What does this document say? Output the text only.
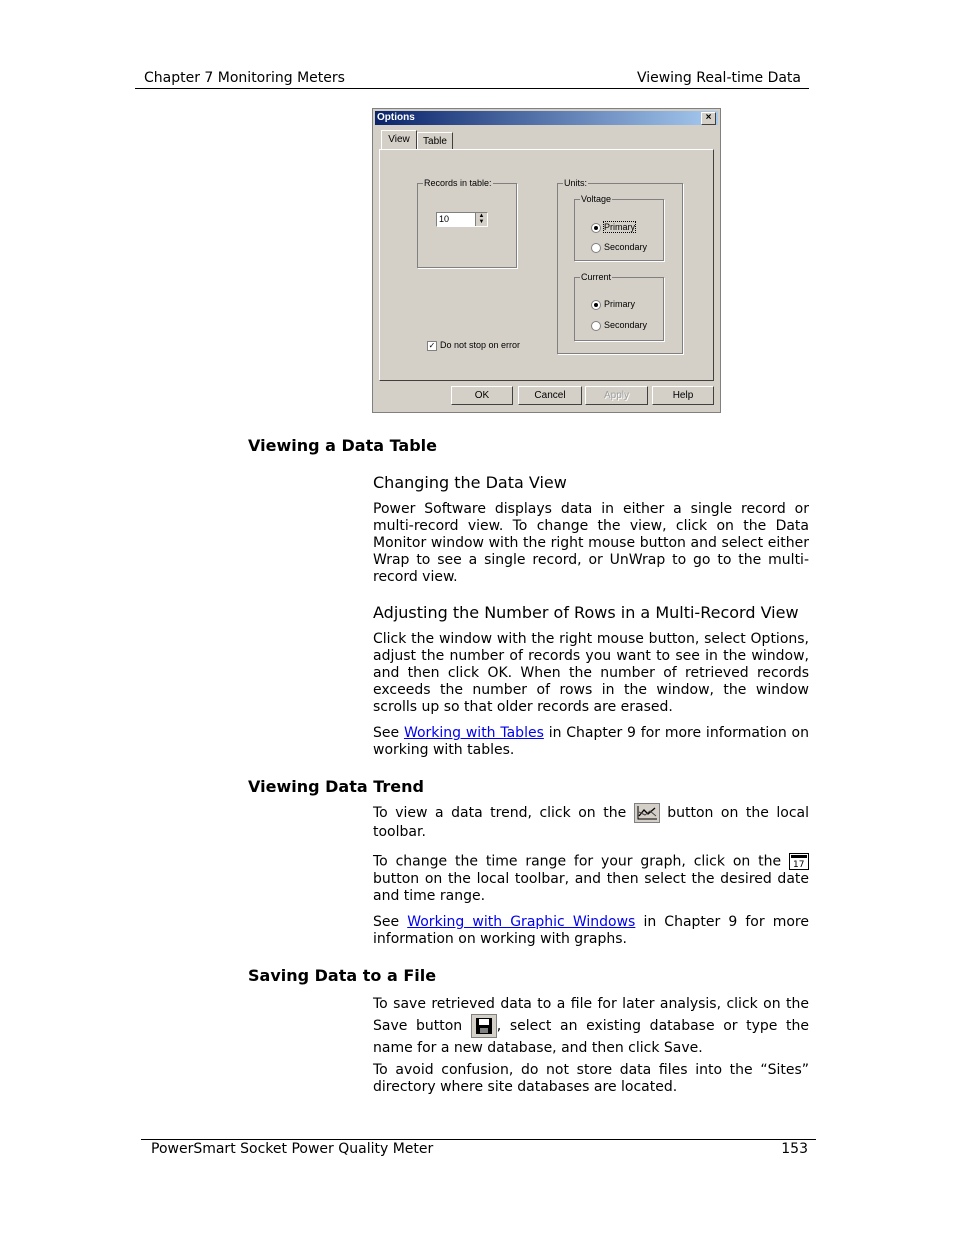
Chapter 7 Monitoring Meters	Viewing Real-time Data
Options	×
View	Table
Records in table:
10	▲
▼
Units:
Voltage
Primary
Secondary
Current
Primary
Secondary
✓ Do not stop on error
OK	Cancel	Apply	Help
Viewing a Data Table
Changing the Data View
Power Software displays data in either a single record or multi-record view. To change the view, click on the Data Monitor window with the right mouse button and select either Wrap to see a single record, or UnWrap to go to the multi-record view.
Adjusting the Number of Rows in a Multi-Record View
Click the window with the right mouse button, select Options, adjust the number of records you want to see in the window, and then click OK. When the number of retrieved records exceeds the number of rows in the window, the window scrolls up so that older records are erased.
See Working with Tables in Chapter 9 for more information on working with tables.
Viewing Data Trend
To view a data trend, click on the
button on the local toolbar.
To change the time range for your graph, click on the 17
button on the local toolbar, and then select the desired date and time range.
See Working with Graphic Windows in Chapter 9 for more information on working with graphs.
Saving Data to a File
To save retrieved data to a file for later analysis, click on the Save button
, select an existing database or type the name for a new database, and then click Save.
To avoid confusion, do not store data files into the “Sites” directory where site databases are located.
PowerSmart Socket Power Quality Meter	153
